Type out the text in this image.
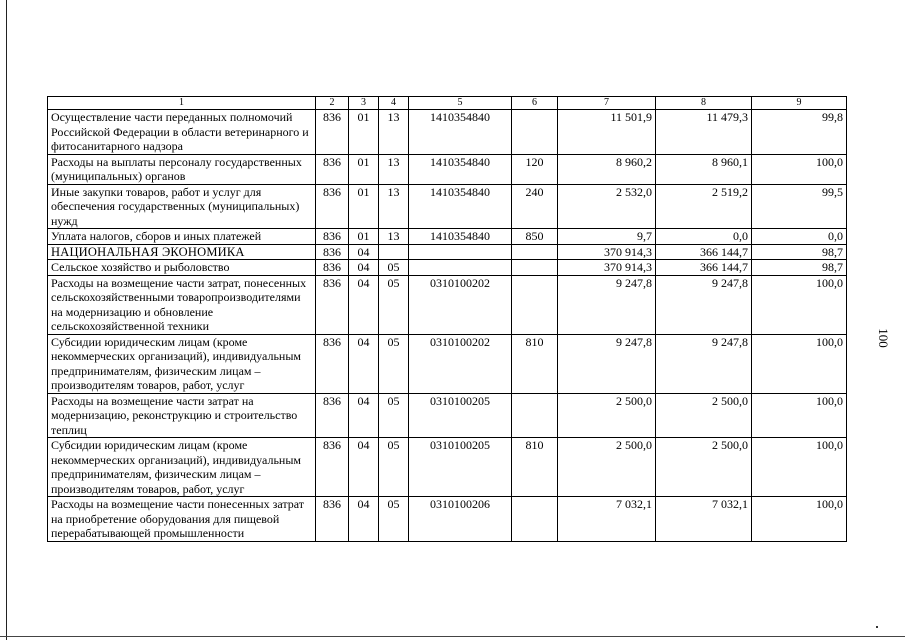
100
1	2	3	4	5	6	7	8	9
Осуществление части переданных полномочий Российской Федерации в области ветеринарного и фитосанитарного надзора	836	01	13	1410354840		11 501,9	11 479,3	99,8
Расходы на выплаты персоналу государственных (муниципальных) органов	836	01	13	1410354840	120	8 960,2	8 960,1	100,0
Иные закупки товаров, работ и услуг для обеспечения государственных (муниципальных) нужд	836	01	13	1410354840	240	2 532,0	2 519,2	99,5
Уплата налогов, сборов и иных платежей	836	01	13	1410354840	850	9,7	0,0	0,0
НАЦИОНАЛЬНАЯ ЭКОНОМИКА	836	04				370 914,3	366 144,7	98,7
Сельское хозяйство и рыболовство	836	04	05			370 914,3	366 144,7	98,7
Расходы на возмещение части затрат, понесенных сельскохозяйственными товаропроизводителями на модернизацию и обновление сельскохозяйственной техники	836	04	05	0310100202		9 247,8	9 247,8	100,0
Субсидии юридическим лицам (кроме некоммерческих организаций), индивидуальным предпринимателям, физическим лицам – производителям товаров, работ, услуг	836	04	05	0310100202	810	9 247,8	9 247,8	100,0
Расходы на возмещение части затрат на модернизацию, реконструкцию и строительство теплиц	836	04	05	0310100205		2 500,0	2 500,0	100,0
Субсидии юридическим лицам (кроме некоммерческих организаций), индивидуальным предпринимателям, физическим лицам – производителям товаров, работ, услуг	836	04	05	0310100205	810	2 500,0	2 500,0	100,0
Расходы на возмещение части понесенных затрат на приобретение оборудования для пищевой перерабатывающей промышленности	836	04	05	0310100206		7 032,1	7 032,1	100,0
